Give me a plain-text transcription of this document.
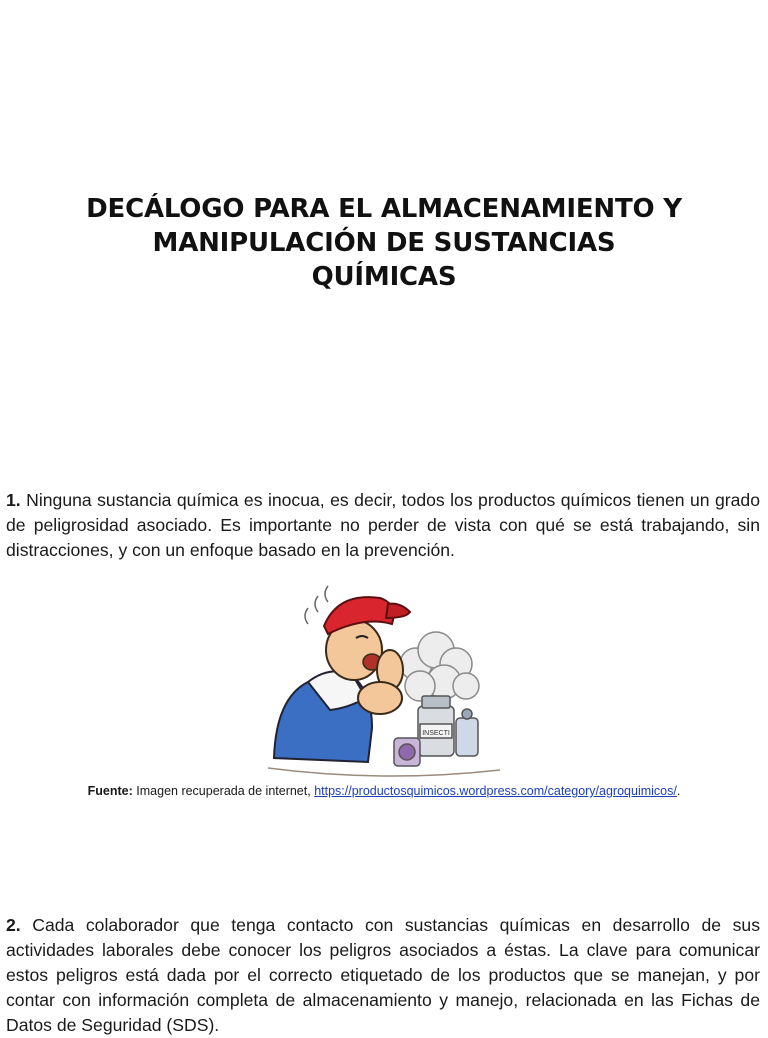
DECÁLOGO PARA EL ALMACENAMIENTO Y
MANIPULACIÓN DE SUSTANCIAS
QUÍMICAS
1. Ninguna sustancia química es inocua, es decir, todos los productos químicos tienen un grado de peligrosidad asociado. Es importante no perder de vista con qué se está trabajando, sin distracciones, y con un enfoque basado en la prevención.
INSECTI
Fuente: Imagen recuperada de internet, https://productosquimicos.wordpress.com/category/agroquimicos/.
2. Cada colaborador que tenga contacto con sustancias químicas en desarrollo de sus actividades laborales debe conocer los peligros asociados a éstas. La clave para comunicar estos peligros está dada por el correcto etiquetado de los productos que se manejan, y por contar con información completa de almacenamiento y manejo, relacionada en las Fichas de Datos de Seguridad (SDS).
